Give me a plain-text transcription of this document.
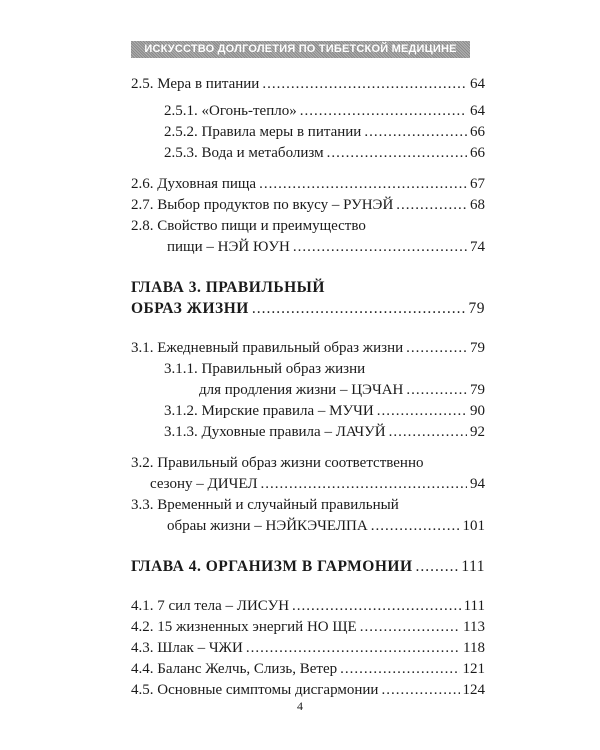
ИСКУССТВО ДОЛГОЛЕТИЯ ПО ТИБЕТСКОЙ МЕДИЦИНЕ
2.5. Мера в питании .....	64
2.5.1. «Огонь-тепло» .....	64
2.5.2. Правила меры в питании .....	66
2.5.3. Вода и метаболизм .....	66
2.6. Духовная пища .....	67
2.7. Выбор продуктов по вкусу – РУНЭЙ .....	68
2.8. Свойство пищи и преимущество
пищи – НЭЙ ЮУН .....	74
ГЛАВА 3. ПРАВИЛЬНЫЙ
ОБРАЗ ЖИЗНИ .....	79
3.1. Ежедневный правильный образ жизни .....	79
3.1.1. Правильный образ жизни
для продления жизни – ЦЭЧАН .....	79
3.1.2. Мирские правила – МУЧИ .....	90
3.1.3. Духовные правила – ЛАЧУЙ .....	92
3.2. Правильный образ жизни соответственно
сезону – ДИЧЕЛ .....	94
3.3. Временный и случайный правильный
обраы жизни – НЭЙКЭЧЕЛПА .....	101
ГЛАВА 4. ОРГАНИЗМ В ГАРМОНИИ .....	111
4.1. 7 сил тела – ЛИСУН .....	111
4.2. 15 жизненных энергий НО ЩЕ .....	113
4.3. Шлак – ЧЖИ .....	118
4.4. Баланс Желчь, Слизь, Ветер .....	121
4.5. Основные симптомы дисгармонии .....	124
4
